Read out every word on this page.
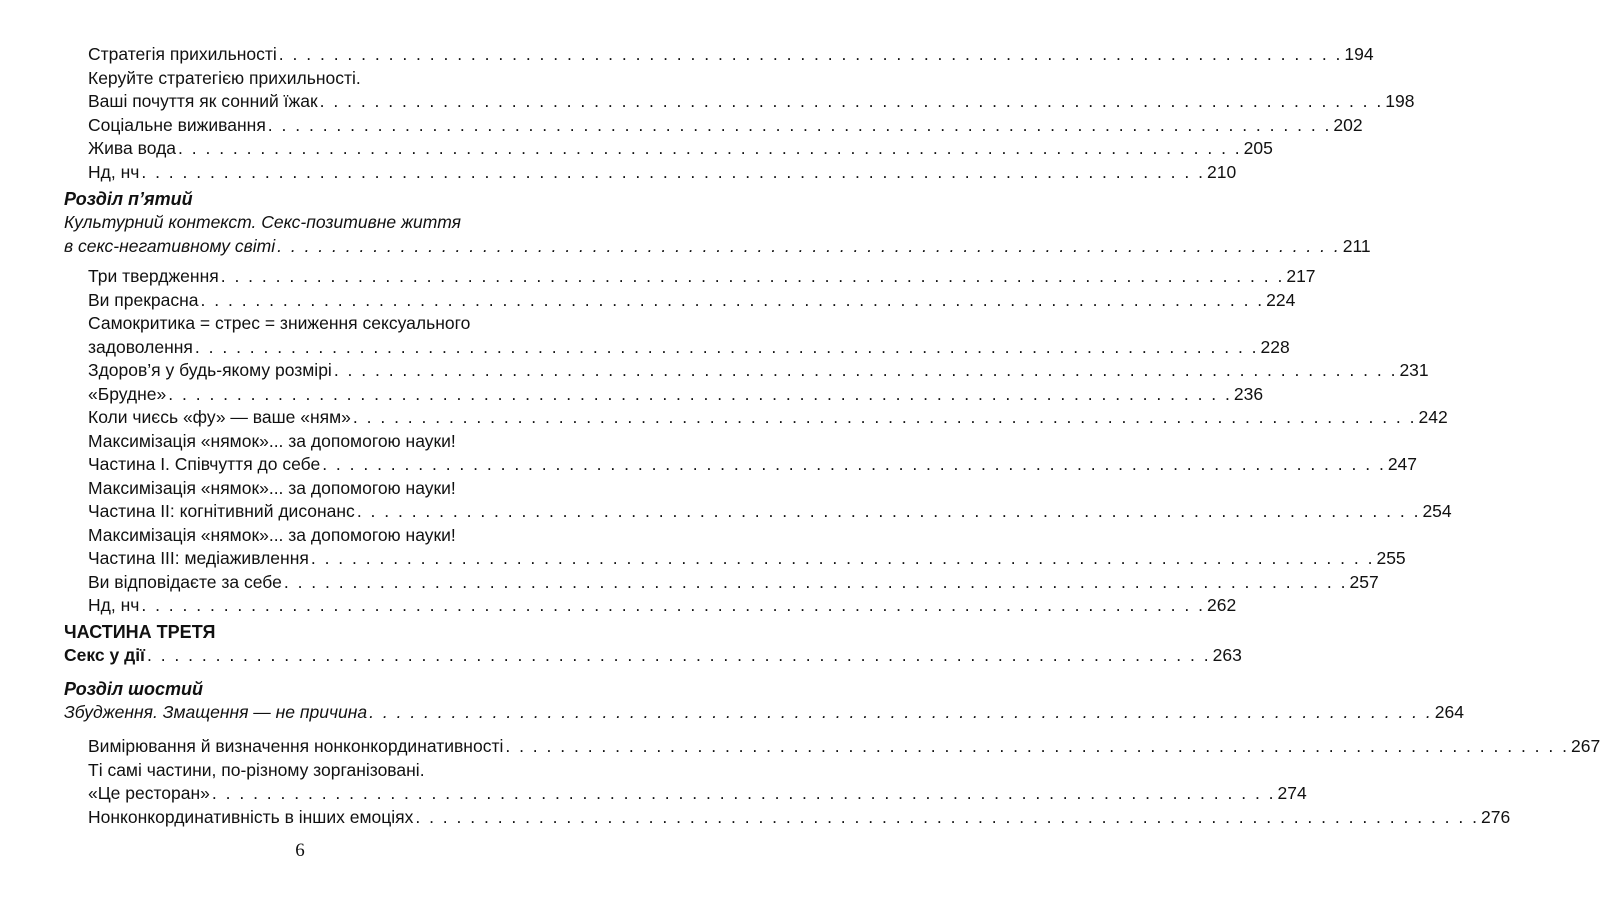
Стратегія прихильності . . .	194
Керуйте стратегією прихильності.
Ваші почуття як сонний їжак . . .	198
Соціальне виживання . . .	202
Жива вода . . .	205
Нд, нч . . .	210
Розділ п’ятий
Культурний контекст. Секс-позитивне життя
в секс-негативному світі . . .	211
Три твердження . . .	217
Ви прекрасна . . .	224
Самокритика = стрес = зниження сексуального
задоволення . . .	228
Здоров’я у будь-якому розмірі . . .	231
«Брудне» . . .	236
Коли чиєсь «фу» — ваше «ням» . . .	242
Максимізація «нямок»... за допомогою науки!
Частина І. Співчуття до себе . . .	247
Максимізація «нямок»... за допомогою науки!
Частина ІІ: когнітивний дисонанс . . .	254
Максимізація «нямок»... за допомогою науки!
Частина ІІІ: медіаживлення . . .	255
Ви відповідаєте за себе . . .	257
Нд, нч . . .	262
ЧАСТИНА ТРЕТЯ
Секс у дії . . .	263
Розділ шостий
Збудження. Змащення — не причина . . .	264
Вимірювання й визначення нонконкординативності . . .	267
Ті самі частини, по-різному зорганізовані.
«Це ресторан» . . .	274
Нонконкординативність в інших емоціях . . .	276
6
